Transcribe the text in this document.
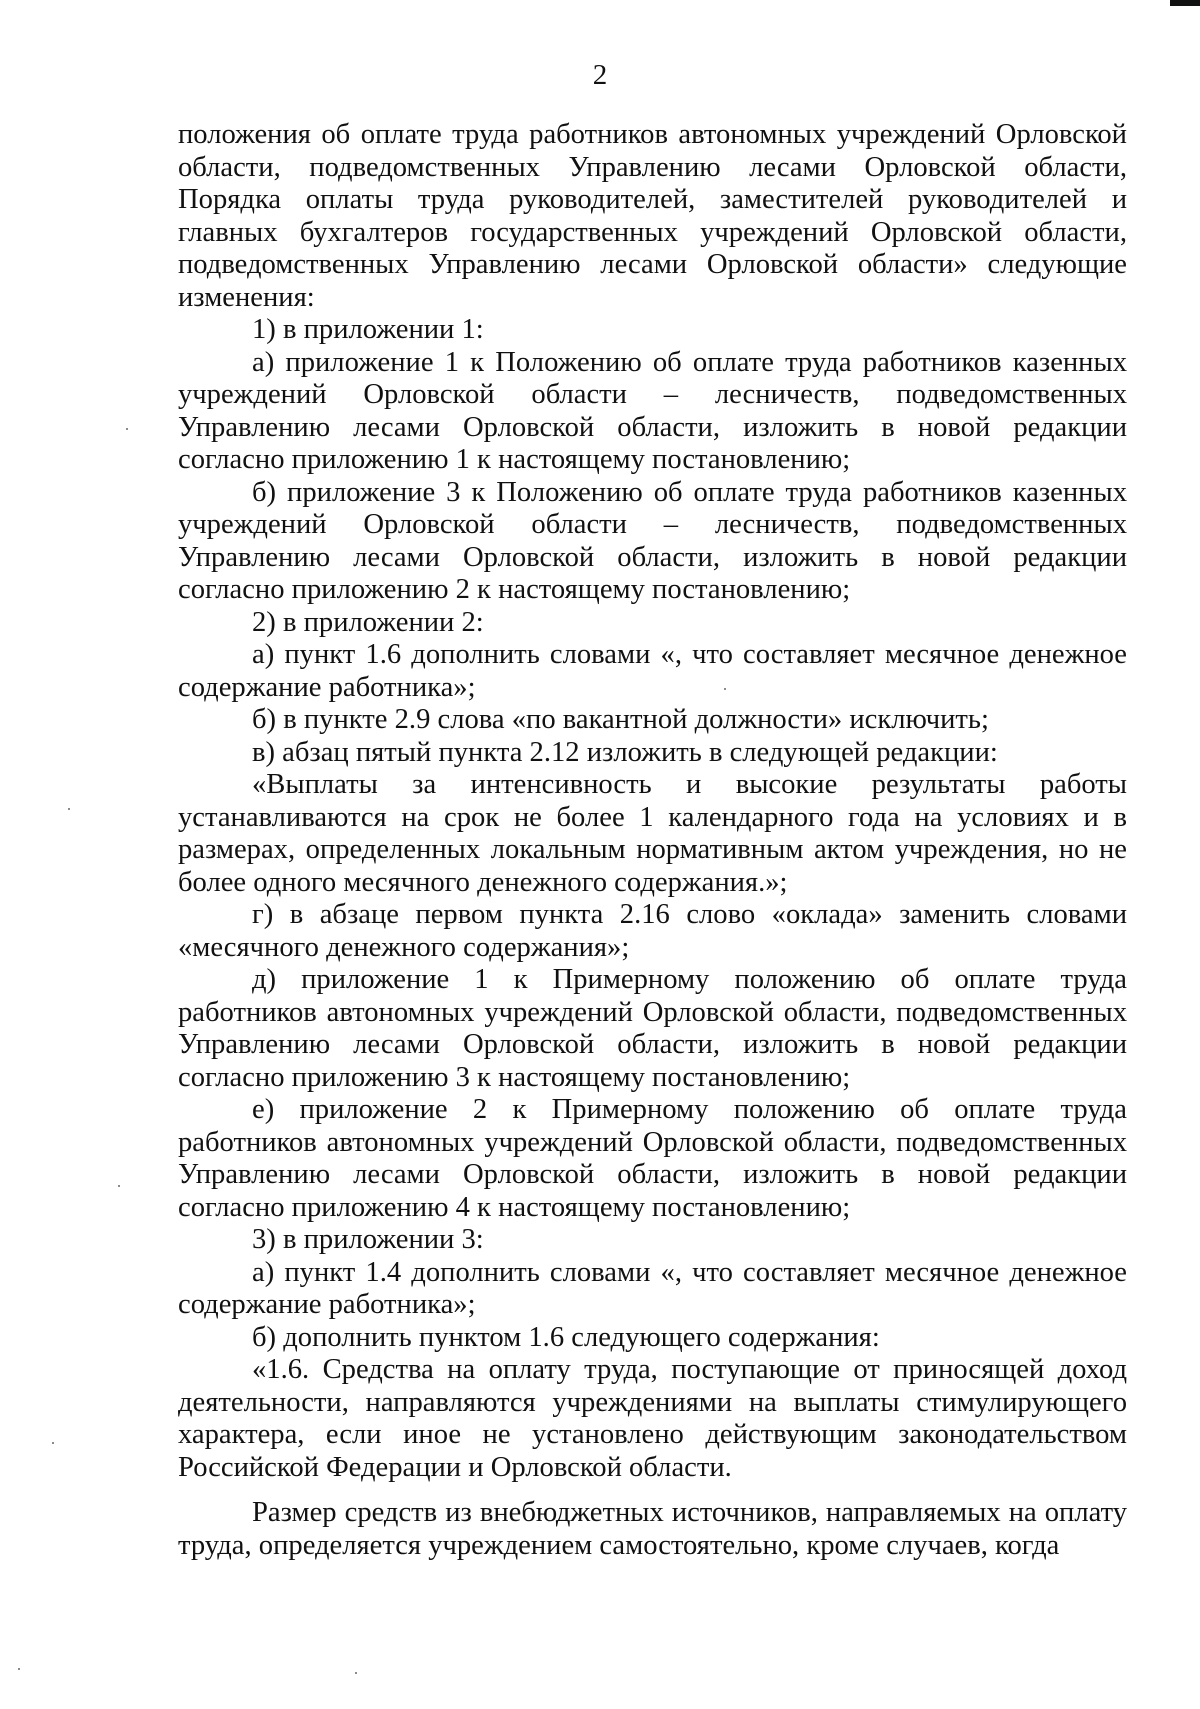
2

положения об оплате труда работников автономных учреждений Орловской области, подведомственных Управлению лесами Орловской области, Порядка оплаты труда руководителей, заместителей руководителей и главных бухгалтеров государственных учреждений Орловской области, подведомственных Управлению лесами Орловской области» следующие изменения:

1) в приложении 1:

а) приложение 1 к Положению об оплате труда работников казенных учреждений Орловской области – лесничеств, подведомственных Управлению лесами Орловской области, изложить в новой редакции согласно приложению 1 к настоящему постановлению;

б) приложение 3 к Положению об оплате труда работников казенных учреждений Орловской области – лесничеств, подведомственных Управлению лесами Орловской области, изложить в новой редакции согласно приложению 2 к настоящему постановлению;

2) в приложении 2:

а) пункт 1.6 дополнить словами «, что составляет месячное денежное содержание работника»;

б) в пункте 2.9 слова «по вакантной должности» исключить;

в) абзац пятый пункта 2.12 изложить в следующей редакции:

«Выплаты за интенсивность и высокие результаты работы устанавливаются на срок не более 1 календарного года на условиях и в размерах, определенных локальным нормативным актом учреждения, но не более одного месячного денежного содержания.»;

г) в абзаце первом пункта 2.16 слово «оклада» заменить словами «месячного денежного содержания»;

д) приложение 1 к Примерному положению об оплате труда работников автономных учреждений Орловской области, подведомственных Управлению лесами Орловской области, изложить в новой редакции согласно приложению 3 к настоящему постановлению;

е) приложение 2 к Примерному положению об оплате труда работников автономных учреждений Орловской области, подведомственных Управлению лесами Орловской области, изложить в новой редакции согласно приложению 4 к настоящему постановлению;

3) в приложении 3:

а) пункт 1.4 дополнить словами «, что составляет месячное денежное содержание работника»;

б) дополнить пунктом 1.6 следующего содержания:

«1.6. Средства на оплату труда, поступающие от приносящей доход деятельности, направляются учреждениями на выплаты стимулирующего характера, если иное не установлено действующим законодательством Российской Федерации и Орловской области.

Размер средств из внебюджетных источников, направляемых на оплату труда, определяется учреждением самостоятельно, кроме случаев, когда
